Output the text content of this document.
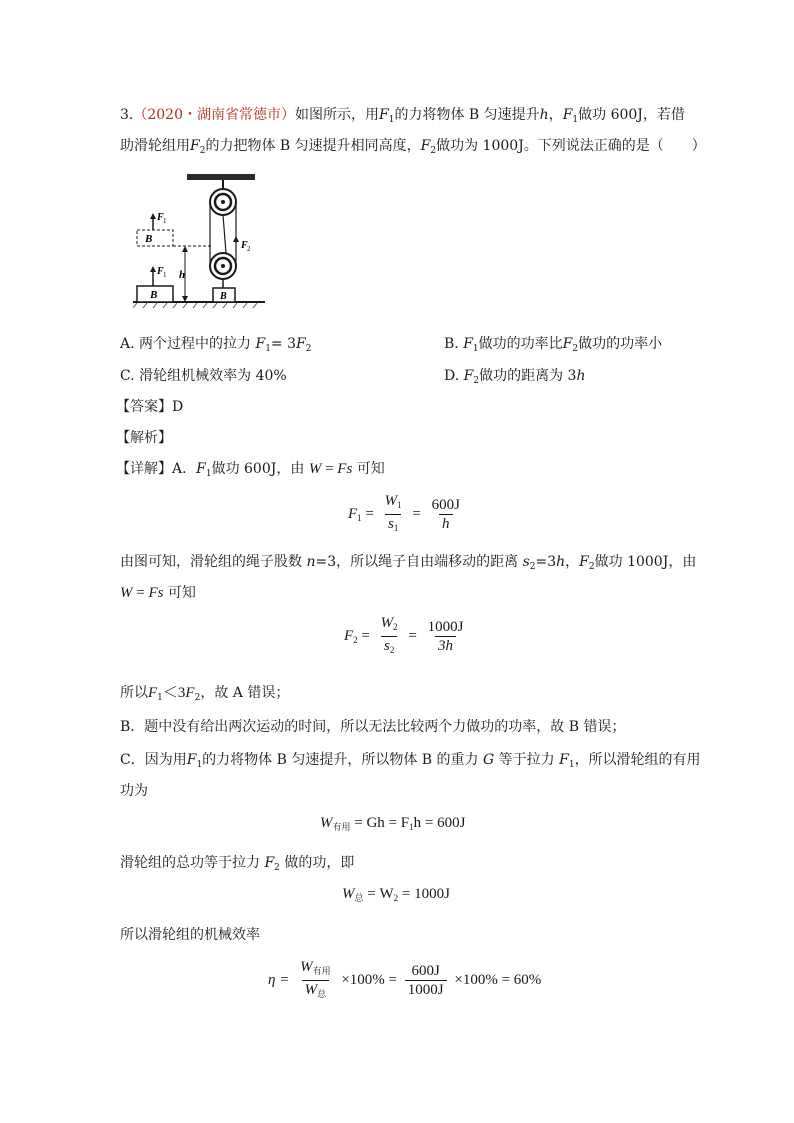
3.（2020・湖南省常德市）如图所示，用$F_1$的力将物体 B 匀速提升h，$F_1$做功 600J，若借
助滑轮组用$F_2$的力把物体 B 匀速提升相同高度，$F_2$做功为 1000J。下列说法正确的是（　　）
B
F 1
B
F 1
h
B
F 2
A. 两个过程中的拉力 $F_1= 3F_2$	B. $F_1$做功的功率比$F_2$做功的功率小
C. 滑轮组机械效率为 40%	D. $F_2$做功的距离为 3h
【答案】D
【解析】
【详解】A．$F_1$做功 600J，由 W = Fs 可知
$F_1 = \frac{W_1}{s_1} = \frac{600J}{h}$
由图可知，滑轮组的绳子股数 n=3，所以绳子自由端移动的距离 $s_2=3h$，$F_2$做功 1000J，由
W = Fs 可知
$F_2 = \frac{W_2}{s_2} = \frac{1000J}{3h}$
所以$F_1<3F_2$，故 A 错误；
B．题中没有给出两次运动的时间，所以无法比较两个力做功的功率，故 B 错误；
C．因为用$F_1$的力将物体 B 匀速提升，所以物体 B 的重力 G 等于拉力 $F_1$，所以滑轮组的有用
功为
$W_{有用} = Gh = F_1h = 600J$
滑轮组的总功等于拉力 $F_2$ 做的功，即
$W_总 = W_2 = 1000J$
所以滑轮组的机械效率
$\eta = \frac{W_{有用}}{W_总} \times 100\% = \frac{600J}{1000J} \times 100\% = 60\%$
